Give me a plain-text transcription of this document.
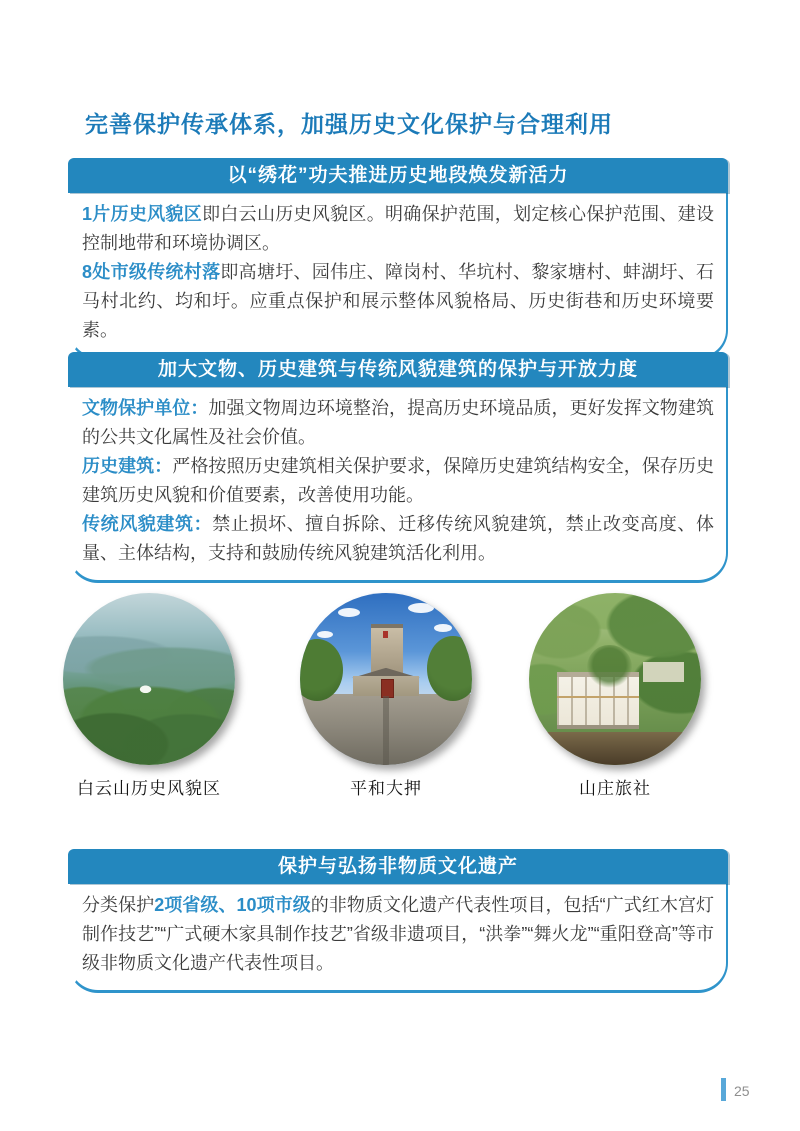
完善保护传承体系，加强历史文化保护与合理利用
以“绣花”功夫推进历史地段焕发新活力

1片历史风貌区即白云山历史风貌区。明确保护范围，划定核心保护范围、建设控制地带和环境协调区。

8处市级传统村落即高塘圩、园伟庄、障岗村、华坑村、黎家塘村、蚌湖圩、石马村北约、均和圩。应重点保护和展示整体风貌格局、历史街巷和历史环境要素。

加大文物、历史建筑与传统风貌建筑的保护与开放力度

文物保护单位：加强文物周边环境整治，提高历史环境品质，更好发挥文物建筑的公共文化属性及社会价值。

历史建筑：严格按照历史建筑相关保护要求，保障历史建筑结构安全，保存历史建筑历史风貌和价值要素，改善使用功能。

传统风貌建筑：禁止损坏、擅自拆除、迁移传统风貌建筑，禁止改变高度、体量、主体结构，支持和鼓励传统风貌建筑活化利用。

白云山历史风貌区	平和大押	山庄旅社
保护与弘扬非物质文化遗产

分类保护2项省级、10项市级的非物质文化遗产代表性项目，包括“广式红木宫灯制作技艺”“广式硬木家具制作技艺”省级非遗项目，“洪拳”“舞火龙”“重阳登高”等市级非物质文化遗产代表性项目。

25
